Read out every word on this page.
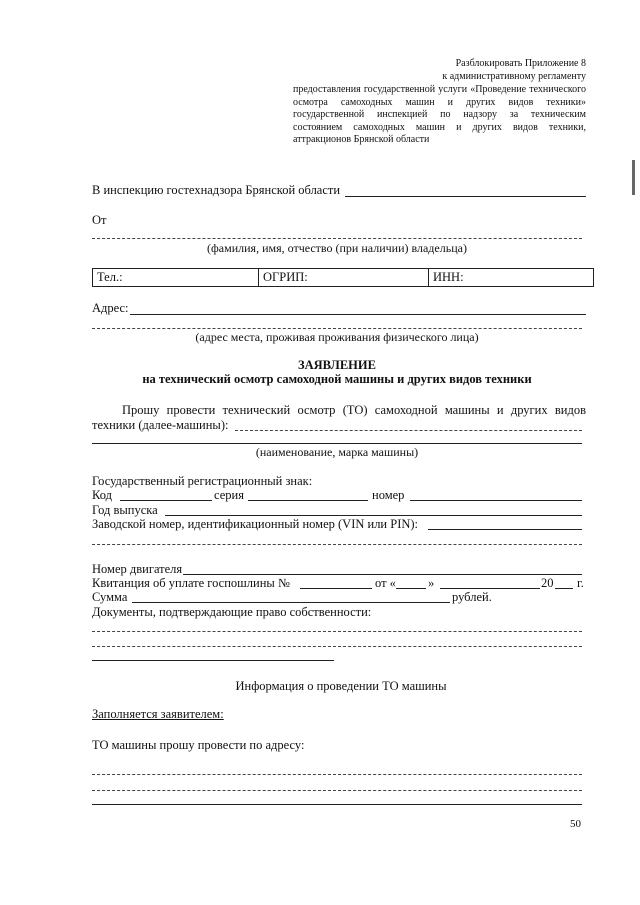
Разблокировать Приложение 8
к административному регламенту
предоставления государственной услуги «Проведение технического осмотра самоходных машин и других видов техники» государственной инспекцией по надзору за техническим состоянием самоходных машин и других видов техники, аттракционов Брянской области
В инспекцию гостехнадзора Брянской области
От
(фамилия, имя, отчество (при наличии) владельца)
Тел.:	ОГРИП:	ИНН:
Адрес:
(адрес места, проживая проживания физического лица)
ЗАЯВЛЕНИЕ
на технический осмотр самоходной машины и других видов техники
Прошу провести технический осмотр (ТО) самоходной машины и других видов
техники (далее-машины):
(наименование, марка машины)
Государственный регистрационный знак:
Код	серия	номер
Год выпуска
Заводской номер, идентификационный номер (VIN или PIN):
Номер двигателя
Квитанция об уплате госпошлины №	от «	»	20 г.
Сумма	рублей.
Документы, подтверждающие право собственности:
Информация о проведении ТО машины
Заполняется заявителем:
ТО машины прошу провести по адресу:
50
